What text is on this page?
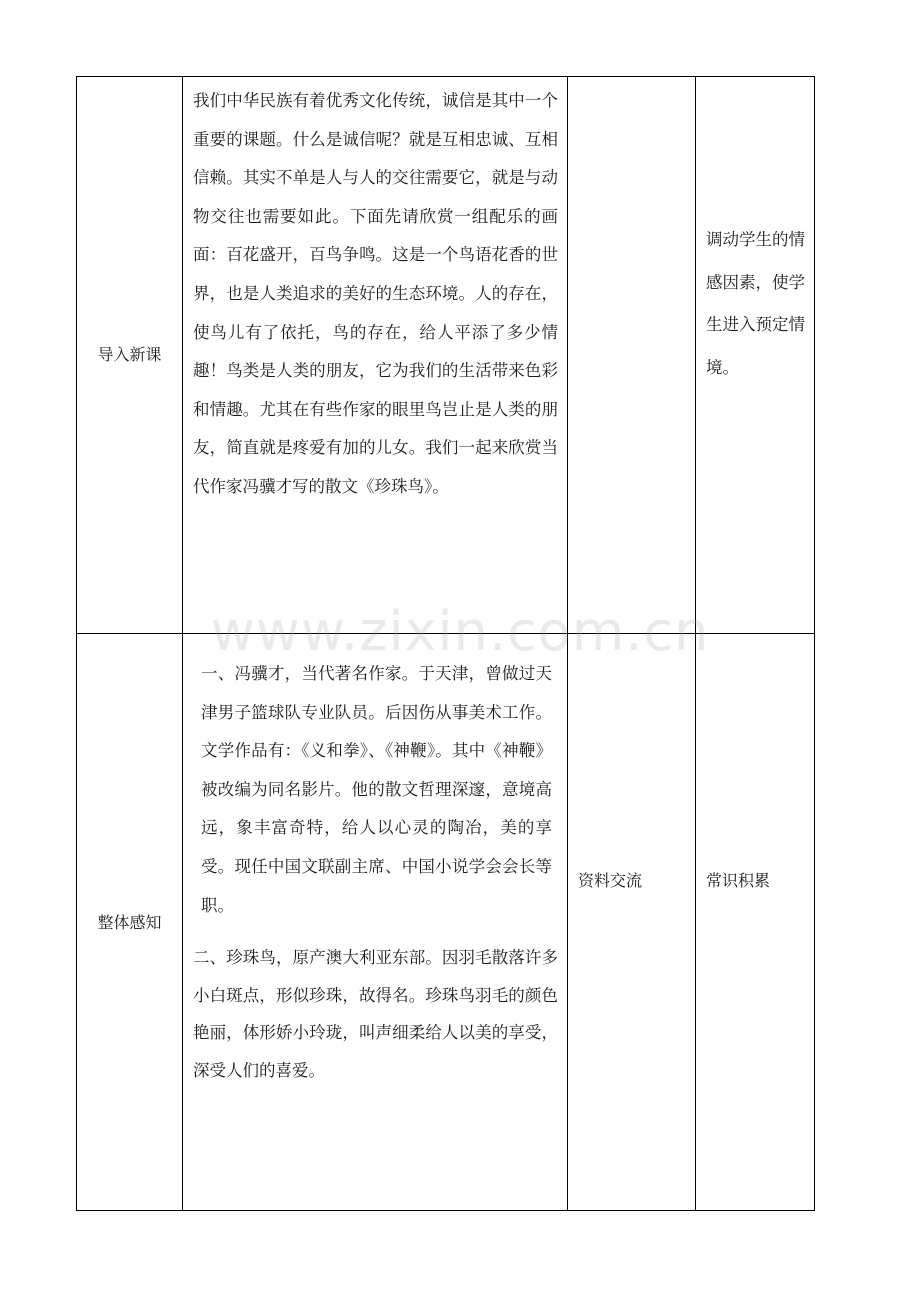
导入新课	我们中华民族有着优秀文化传统，诚信是其中一个重要的课题。什么是诚信呢？就是互相忠诚、互相信赖。其实不单是人与人的交往需要它，就是与动物交往也需要如此。下面先请欣赏一组配乐的画面：百花盛开，百鸟争鸣。这是一个鸟语花香的世界，也是人类追求的美好的生态环境。人的存在，使鸟儿有了依托，鸟的存在，给人平添了多少情趣！鸟类是人类的朋友，它为我们的生活带来色彩和情趣。尤其在有些作家的眼里鸟岂止是人类的朋友，简直就是疼爱有加的儿女。我们一起来欣赏当代作家冯骥才写的散文《珍珠鸟》。		调动学生的情感因素，使学生进入预定情境。

整体感知	一、冯骥才，当代著名作家。于天津，曾做过天津男子篮球队专业队员。后因伤从事美术工作。文学作品有：《义和拳》、《神鞭》。其中《神鞭》被改编为同名影片。他的散文哲理深邃，意境高远，象丰富奇特，给人以心灵的陶冶，美的享受。现任中国文联副主席、中国小说学会会长等职。
二、珍珠鸟，原产澳大利亚东部。因羽毛散落许多小白斑点，形似珍珠，故得名。珍珠鸟羽毛的颜色艳丽，体形娇小玲珑，叫声细柔给人以美的享受，深受人们的喜爱。	资料交流	常识积累
www.zixin.com.cn
